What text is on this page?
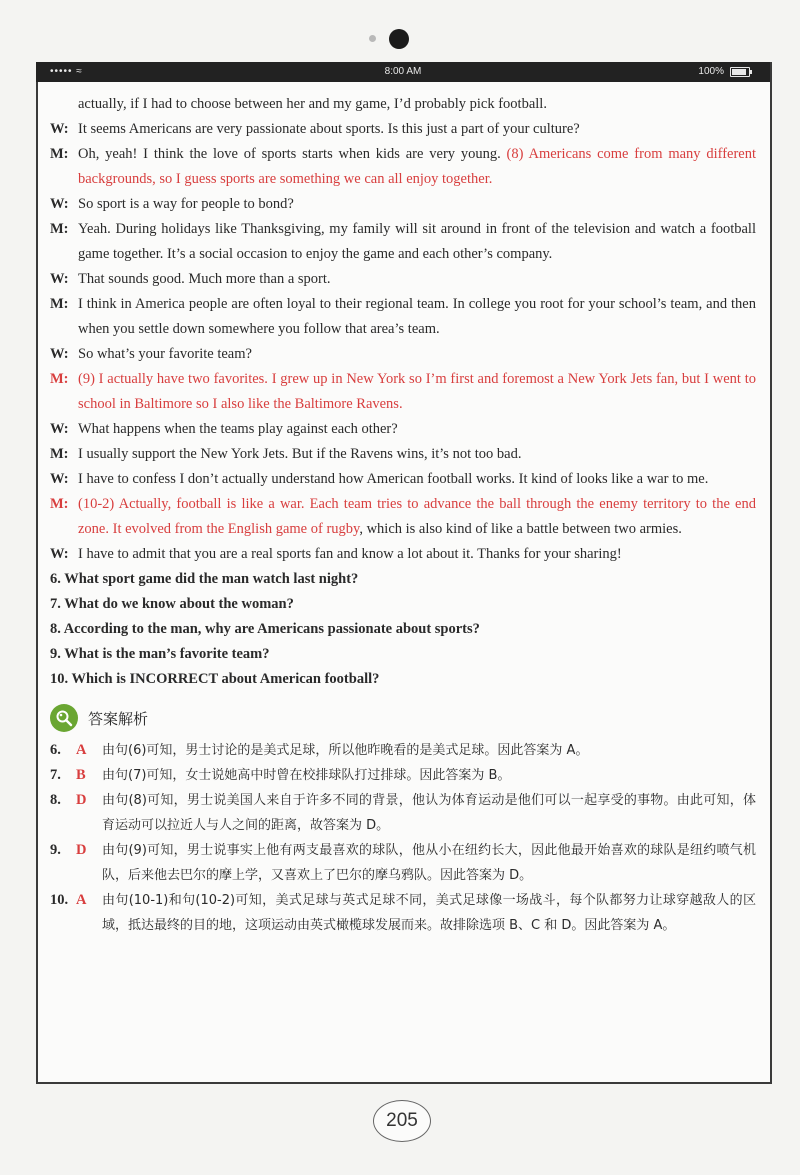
••••• ≈	8:00 AM	100%
actually, if I had to choose between her and my game, I’d probably pick football.
W: It seems Americans are very passionate about sports. Is this just a part of your culture?
M: Oh, yeah! I think the love of sports starts when kids are very young. (8) Americans come from many different backgrounds, so I guess sports are something we can all enjoy together.
W: So sport is a way for people to bond?
M: Yeah. During holidays like Thanksgiving, my family will sit around in front of the television and watch a football game together. It’s a social occasion to enjoy the game and each other’s company.
W: That sounds good. Much more than a sport.
M: I think in America people are often loyal to their regional team. In college you root for your school’s team, and then when you settle down somewhere you follow that area’s team.
W: So what’s your favorite team?
M: (9) I actually have two favorites. I grew up in New York so I’m first and foremost a New York Jets fan, but I went to school in Baltimore so I also like the Baltimore Ravens.
W: What happens when the teams play against each other?
M: I usually support the New York Jets. But if the Ravens wins, it’s not too bad.
W: I have to confess I don’t actually understand how American football works. It kind of looks like a war to me.
M: (10-2) Actually, football is like a war. Each team tries to advance the ball through the enemy territory to the end zone. It evolved from the English game of rugby, which is also kind of like a battle between two armies.
W: I have to admit that you are a real sports fan and know a lot about it. Thanks for your sharing!
6. What sport game did the man watch last night?
7. What do we know about the woman?
8. According to the man, why are Americans passionate about sports?
9. What is the man’s favorite team?
10. Which is INCORRECT about American football?
答案解析
6.	A	由句(6)可知，男士讨论的是美式足球，所以他昨晚看的是美式足球。因此答案为 A。
7.	B	由句(7)可知，女士说她高中时曾在校排球队打过排球。因此答案为 B。
8.	D	由句(8)可知，男士说美国人来自于许多不同的背景，他认为体育运动是他们可以一起享受的事物。由此可知，体育运动可以拉近人与人之间的距离，故答案为 D。
9.	D	由句(9)可知，男士说事实上他有两支最喜欢的球队，他从小在纽约长大，因此他最开始喜欢的球队是纽约喷气机队，后来他去巴尔的摩上学，又喜欢上了巴尔的摩乌鸦队。因此答案为 D。
10. A	由句(10-1)和句(10-2)可知，美式足球与英式足球不同，美式足球像一场战斗，每个队都努力让球穿越敌人的区域，抵达最终的目的地，这项运动由英式橄榄球发展而来。故排除选项 B、C 和 D。因此答案为 A。
205
